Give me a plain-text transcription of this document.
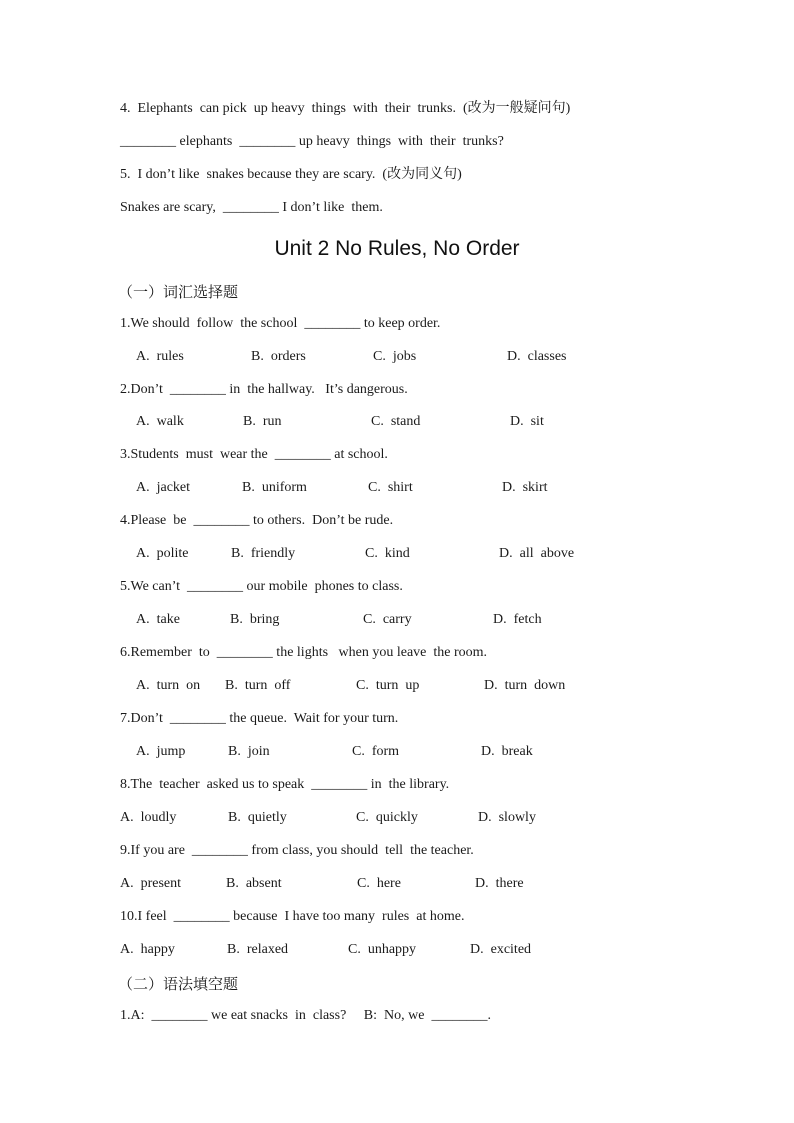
4.  Elephants  can pick  up heavy  things  with  their  trunks.  (改为一般疑问句)
________ elephants  ________ up heavy  things  with  their  trunks?
5.  I don’t like  snakes because they are scary.  (改为同义句)
Snakes are scary,  ________ I don’t like  them.
Unit 2 No Rules, No Order
（一）词汇选择题
1.We should  follow  the school  ________ to keep order.
A.  rules	B.  orders	C.  jobs	D.  classes
2.Don’t  ________ in  the hallway.   It’s dangerous.
A.  walk	B.  run	C.  stand	D.  sit
3.Students  must  wear the  ________ at school.
A.  jacket	B.  uniform	C.  shirt	D.  skirt
4.Please  be  ________ to others.  Don’t be rude.
A.  polite	B.  friendly	C.  kind	D.  all  above
5.We can’t  ________ our mobile  phones to class.
A.  take	B.  bring	C.  carry	D.  fetch
6.Remember  to  ________ the lights   when you leave  the room.
A.  turn  on B.  turn  off	C.  turn  up	D.  turn  down
7.Don’t  ________ the queue.  Wait for your turn.
A.  jump	B.  join	C.  form	D.  break
8.The  teacher  asked us to speak  ________ in  the library.
A.  loudly	B.  quietly	C.  quickly	D.  slowly
9.If you are  ________ from class, you should  tell  the teacher.
A.  present	B.  absent	C.  here	D.  there
10.I feel  ________ because  I have too many  rules  at home.
A.  happy	B.  relaxed	C.  unhappy	D.  excited
（二）语法填空题
1.A:  ________ we eat snacks  in  class?     B:  No, we  ________.
